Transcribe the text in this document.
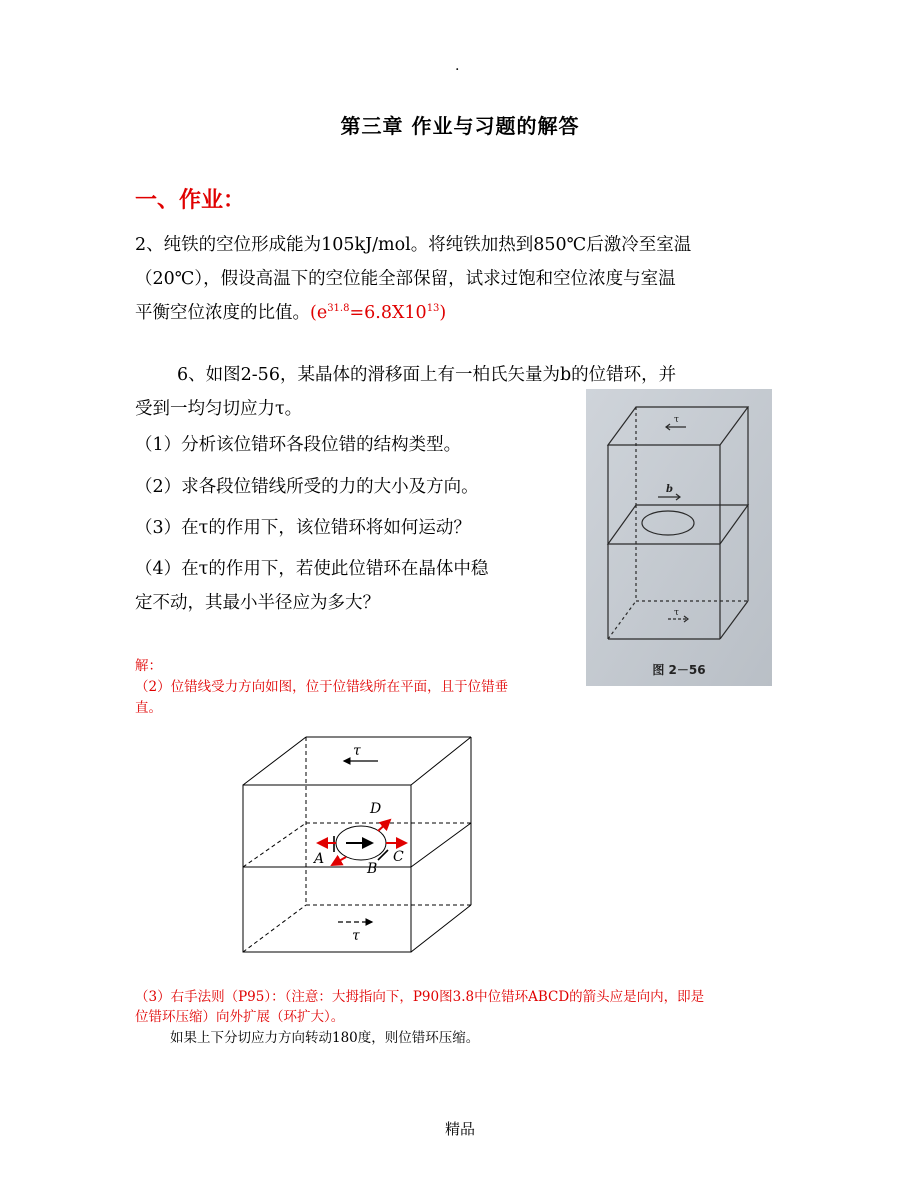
.

第三章 作业与习题的解答
一、作业：
2、纯铁的空位形成能为105kJ/mol。将纯铁加热到850℃后激冷至室温
（20℃），假设高温下的空位能全部保留，试求过饱和空位浓度与室温
平衡空位浓度的比值。$(e^{31.8}=6.8X10^{13})$
6、如图2-56，某晶体的滑移面上有一柏氏矢量为b的位错环，并
受到一均匀切应力τ。
（1）分析该位错环各段位错的结构类型。
（2）求各段位错线所受的力的大小及方向。
（3）在τ的作用下，该位错环将如何运动？
（4）在τ的作用下，若使此位错环在晶体中稳
定不动，其最小半径应为多大？
τ
b
τ
图 2－56
解：
（2）位错线受力方向如图，位于位错线所在平面，且于位错垂
直。
τ
D
A
B
C
τ
（3）右手法则（P95）：（注意：大拇指向下，P90图3.8中位错环ABCD的箭头应是向内，即是
位错环压缩）向外扩展（环扩大）。
如果上下分切应力方向转动180度，则位错环压缩。
精品
